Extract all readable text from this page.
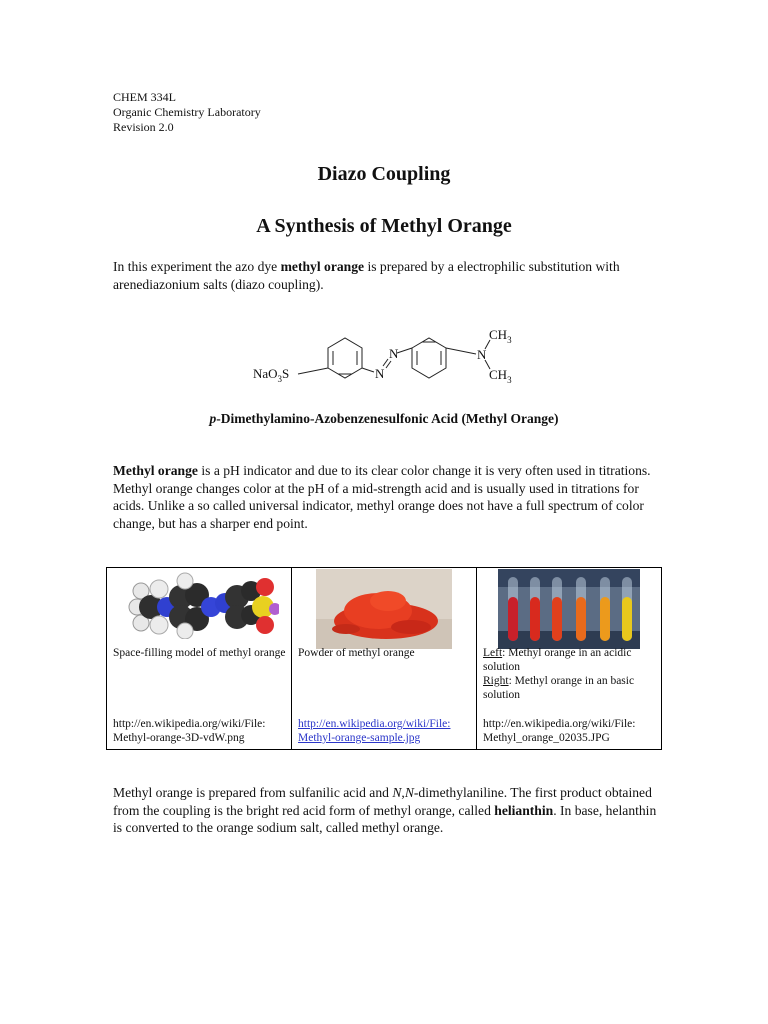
CHEM 334L
Organic Chemistry Laboratory
Revision 2.0
Diazo Coupling
A Synthesis of Methyl Orange
In this experiment the azo dye methyl orange is prepared by a electrophilic substitution with arenediazonium salts (diazo coupling).
NaO$_3$S	N
N	N
$CH_3$
$CH_3$
p-Dimethylamino-Azobenzenesulfonic Acid (Methyl Orange)
Methyl orange is a pH indicator and due to its clear color change it is very often used in titrations. Methyl orange changes color at the pH of a mid-strength acid and is usually used in titrations for acids. Unlike a so called universal indicator, methyl orange does not have a full spectrum of color change, but has a sharper end point.
Space-filling model of methyl orange
http://en.wikipedia.org/wiki/File: Methyl-orange-3D-vdW.png

Powder of methyl orange
http://en.wikipedia.org/wiki/File: Methyl-orange-sample.jpg

Left: Methyl orange in an acidic solution
Right: Methyl orange in an basic solution
http://en.wikipedia.org/wiki/File: Methyl_orange_02035.JPG
Methyl orange is prepared from sulfanilic acid and N,N-dimethylaniline. The first product obtained from the coupling is the bright red acid form of methyl orange, called helianthin. In base, helanthin is converted to the orange sodium salt, called methyl orange.
